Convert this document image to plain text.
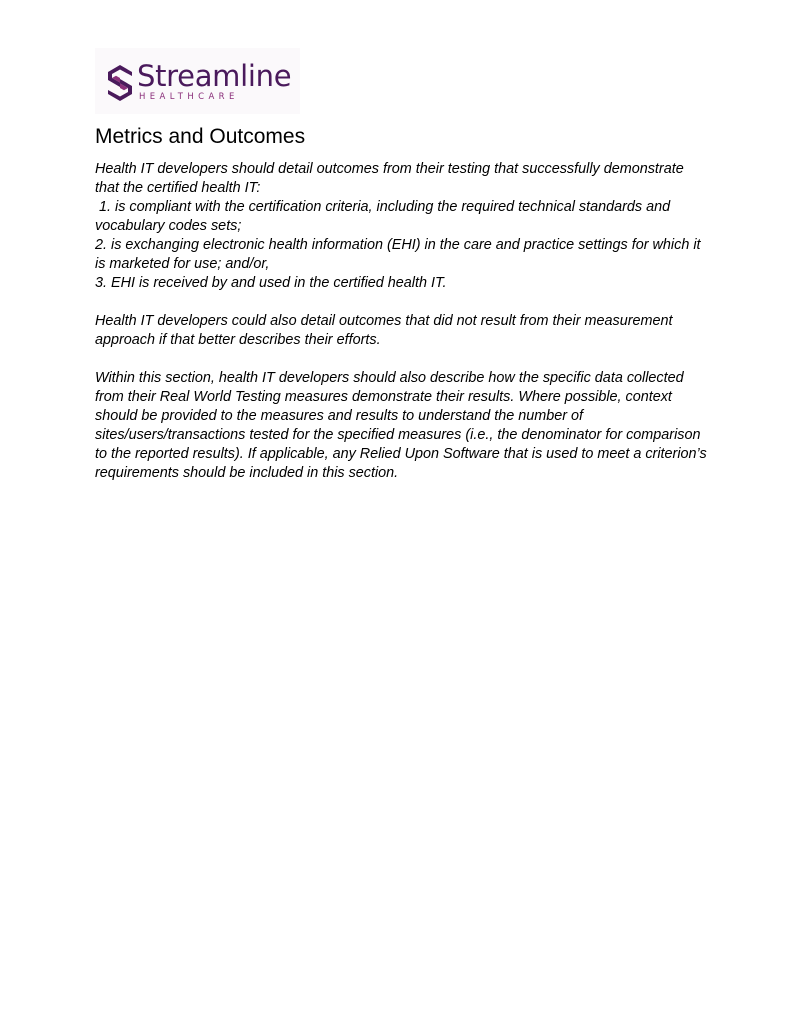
Streamline
HEALTHCARE
Metrics and Outcomes
Health IT developers should detail outcomes from their testing that successfully demonstrate
that the certified health IT:
1. is compliant with the certification criteria, including the required technical standards and
vocabulary codes sets;
2. is exchanging electronic health information (EHI) in the care and practice settings for which it
is marketed for use; and/or,
3. EHI is received by and used in the certified health IT.
Health IT developers could also detail outcomes that did not result from their measurement
approach if that better describes their efforts.
Within this section, health IT developers should also describe how the specific data collected
from their Real World Testing measures demonstrate their results. Where possible, context
should be provided to the measures and results to understand the number of
sites/users/transactions tested for the specified measures (i.e., the denominator for comparison
to the reported results). If applicable, any Relied Upon Software that is used to meet a criterion’s
requirements should be included in this section.
